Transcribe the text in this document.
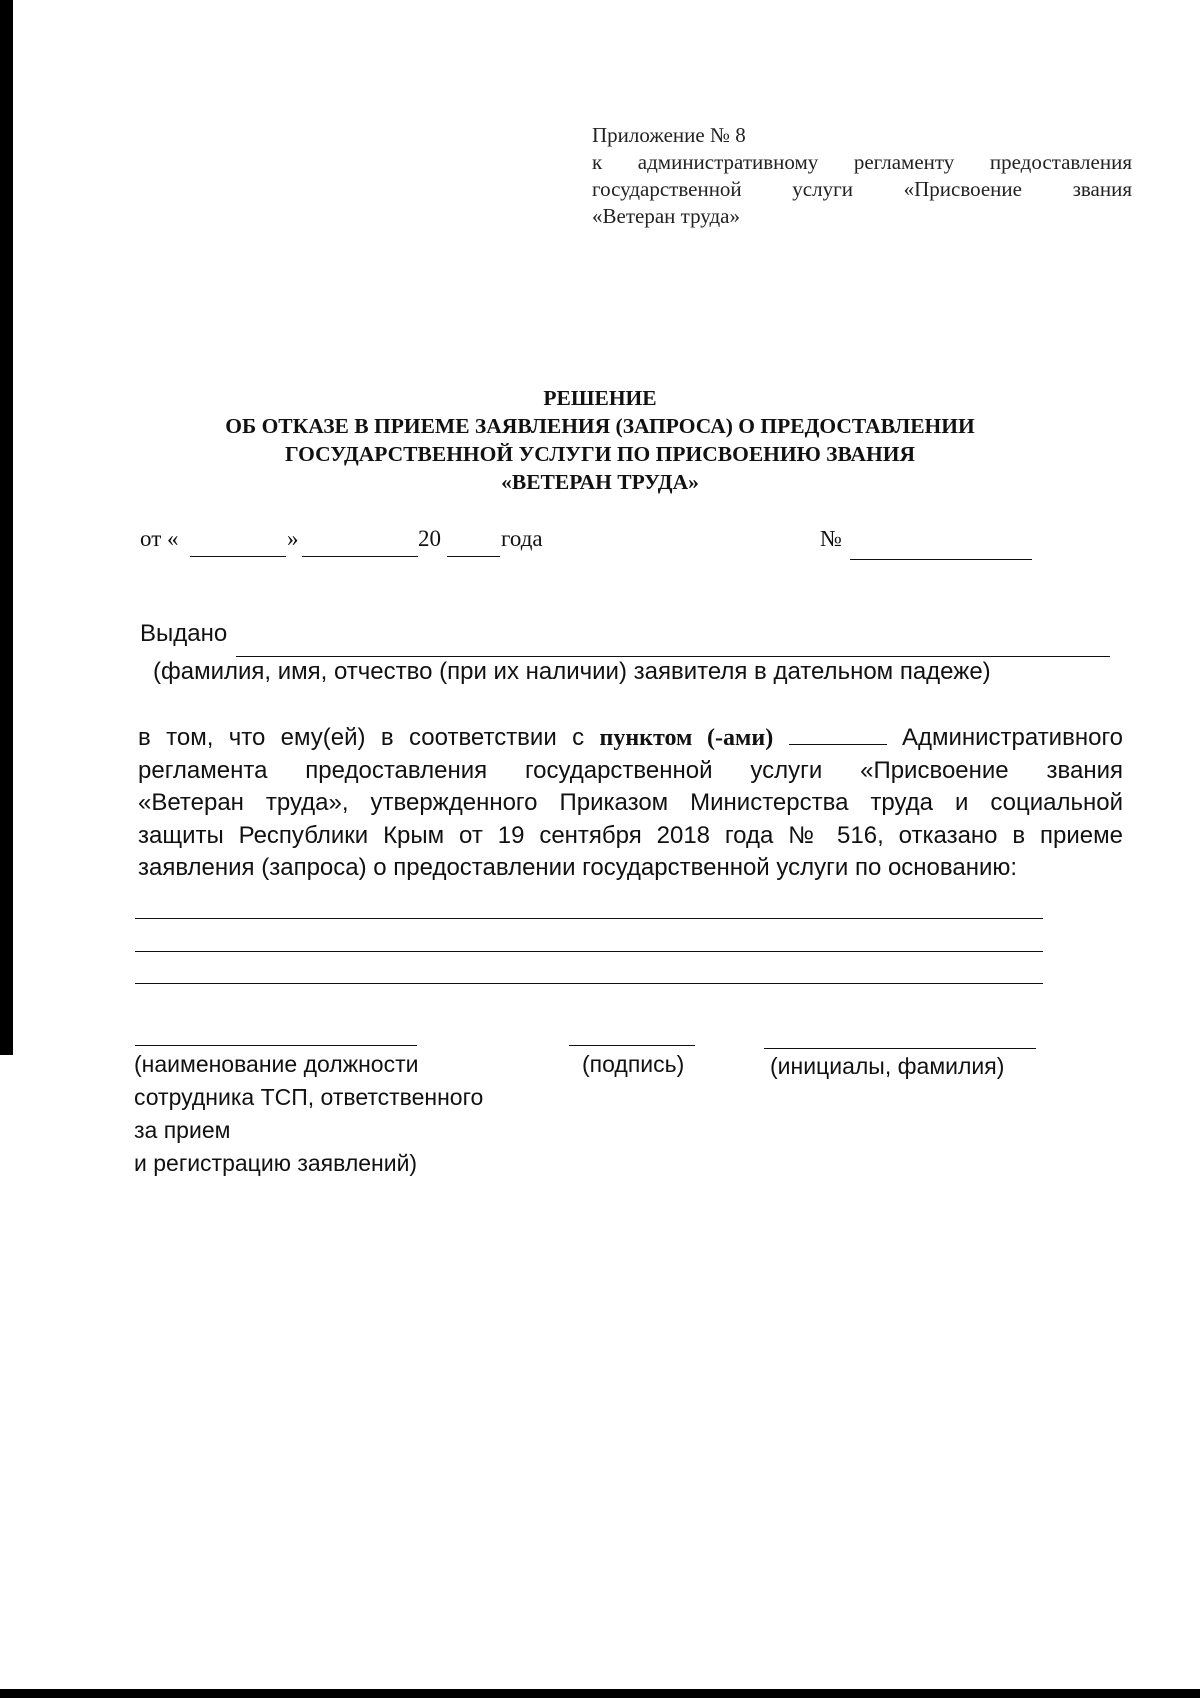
Приложение № 8
к административному регламенту предоставления
государственной услуги «Присвоение звания
«Ветеран труда»
РЕШЕНИЕ
ОБ ОТКАЗЕ В ПРИЕМЕ ЗАЯВЛЕНИЯ (ЗАПРОСА) О ПРЕДОСТАВЛЕНИИ
ГОСУДАРСТВЕННОЙ УСЛУГИ ПО ПРИСВОЕНИЮ ЗВАНИЯ
«ВЕТЕРАН ТРУДА»
от «	»	20	года	№
Выдано
(фамилия, имя, отчество (при их наличии) заявителя в дательном падеже)
в том, что ему(ей) в соответствии с пунктом (-ами)	Административного
регламента предоставления государственной услуги «Присвоение звания
«Ветеран труда», утвержденного Приказом Министерства труда и социальной
защиты Республики Крым от 19 сентября 2018 года № 516, отказано в приеме
заявления (запроса) о предоставлении государственной услуги по основанию:
(наименование должности
сотрудника ТСП, ответственного
за прием
и регистрацию заявлений)
(подпись)	(инициалы, фамилия)
